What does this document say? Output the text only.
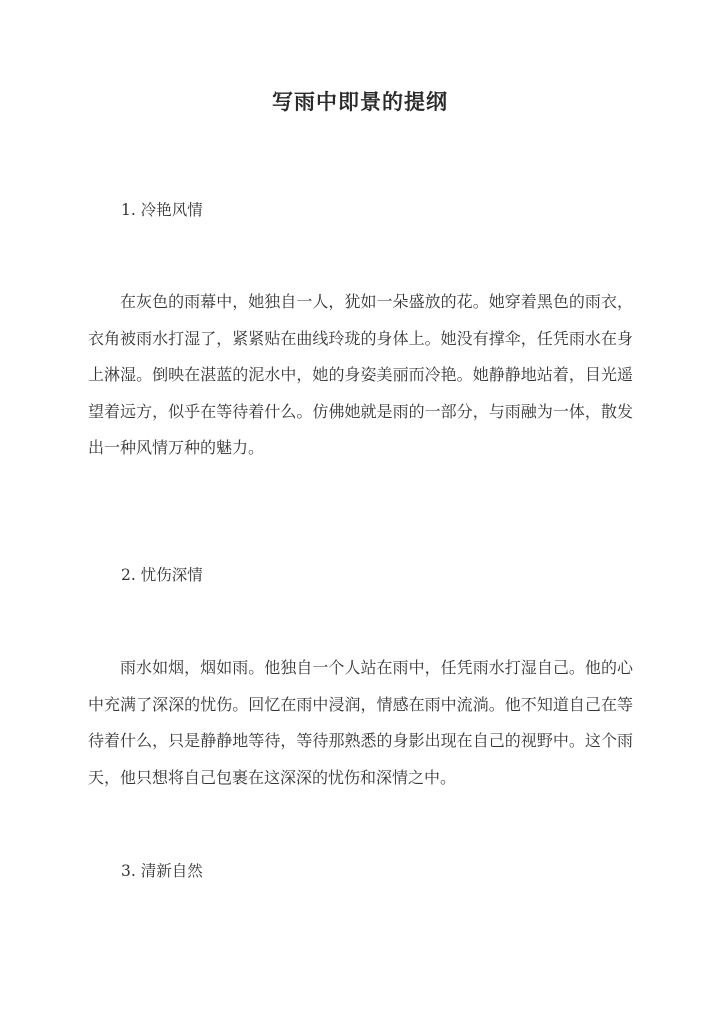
写雨中即景的提纲
1. 冷艳风情
在灰色的雨幕中，她独自一人，犹如一朵盛放的花。她穿着黑色的雨衣，衣角被雨水打湿了，紧紧贴在曲线玲珑的身体上。她没有撑伞，任凭雨水在身上淋湿。倒映在湛蓝的泥水中，她的身姿美丽而冷艳。她静静地站着，目光遥望着远方，似乎在等待着什么。仿佛她就是雨的一部分，与雨融为一体，散发出一种风情万种的魅力。
2. 忧伤深情
雨水如烟，烟如雨。他独自一个人站在雨中，任凭雨水打湿自己。他的心中充满了深深的忧伤。回忆在雨中浸润，情感在雨中流淌。他不知道自己在等待着什么，只是静静地等待，等待那熟悉的身影出现在自己的视野中。这个雨天，他只想将自己包裹在这深深的忧伤和深情之中。
3. 清新自然
